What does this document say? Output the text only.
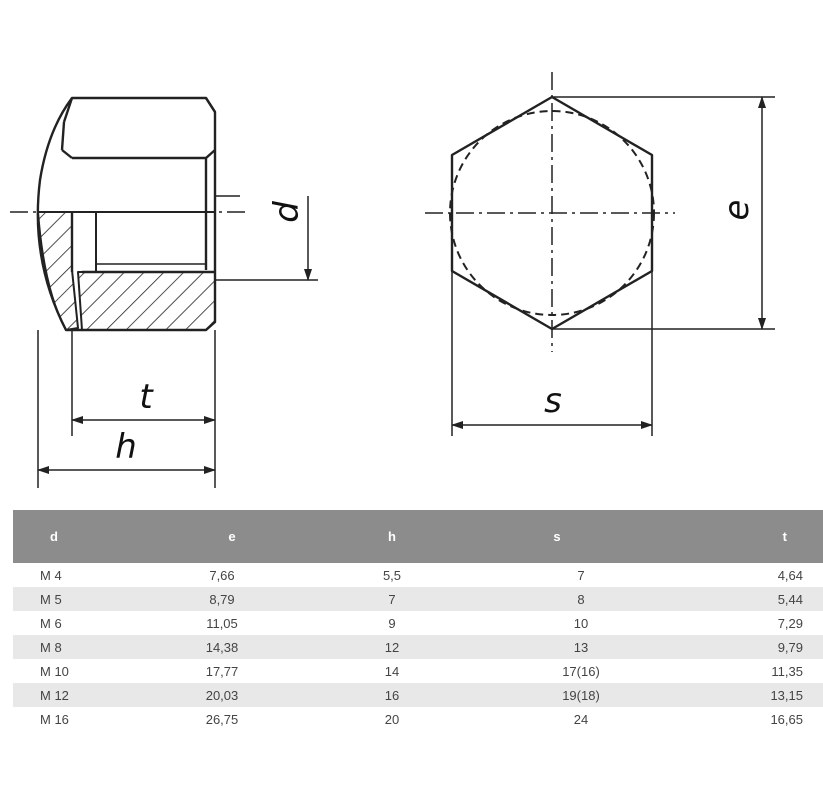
d
t
h
e
s
d	e	h	s	t
M 4	7,66	5,5	7	4,64
M 5	8,79	7	8	5,44
M 6	11,05	9	10	7,29
M 8	14,38	12	13	9,79
M 10	17,77	14	17(16)	11,35
M 12	20,03	16	19(18)	13,15
M 16	26,75	20	24	16,65
